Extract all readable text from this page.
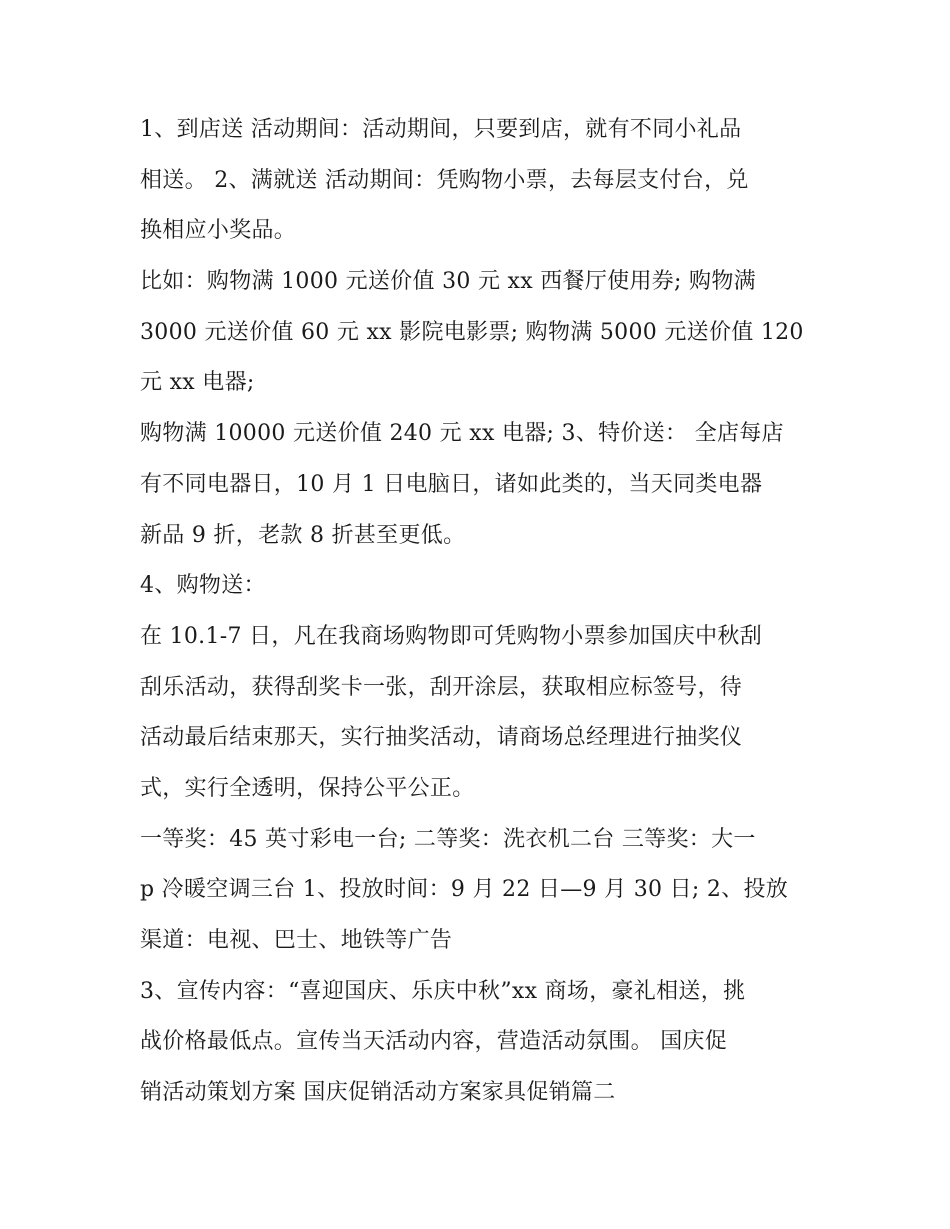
1、到店送 活动期间：活动期间，只要到店，就有不同小礼品
相送。 2、满就送 活动期间：凭购物小票，去每层支付台，兑
换相应小奖品。
比如：购物满 1000 元送价值 30 元 xx 西餐厅使用券; 购物满
3000 元送价值 60 元 xx 影院电影票; 购物满 5000 元送价值 120
元 xx 电器;
购物满 10000 元送价值 240 元 xx 电器; 3、特价送： 全店每店
有不同电器日，10 月 1 日电脑日，诸如此类的，当天同类电器
新品 9 折，老款 8 折甚至更低。
4、购物送：
在 10.1-7 日，凡在我商场购物即可凭购物小票参加国庆中秋刮
刮乐活动，获得刮奖卡一张，刮开涂层，获取相应标签号，待
活动最后结束那天，实行抽奖活动，请商场总经理进行抽奖仪
式，实行全透明，保持公平公正。
一等奖：45 英寸彩电一台; 二等奖：洗衣机二台 三等奖：大一
p 冷暖空调三台 1、投放时间：9 月 22 日—9 月 30 日; 2、投放
渠道：电视、巴士、地铁等广告
3、宣传内容：“喜迎国庆、乐庆中秋”xx 商场，豪礼相送，挑
战价格最低点。宣传当天活动内容，营造活动氛围。 国庆促
销活动策划方案 国庆促销活动方案家具促销篇二
